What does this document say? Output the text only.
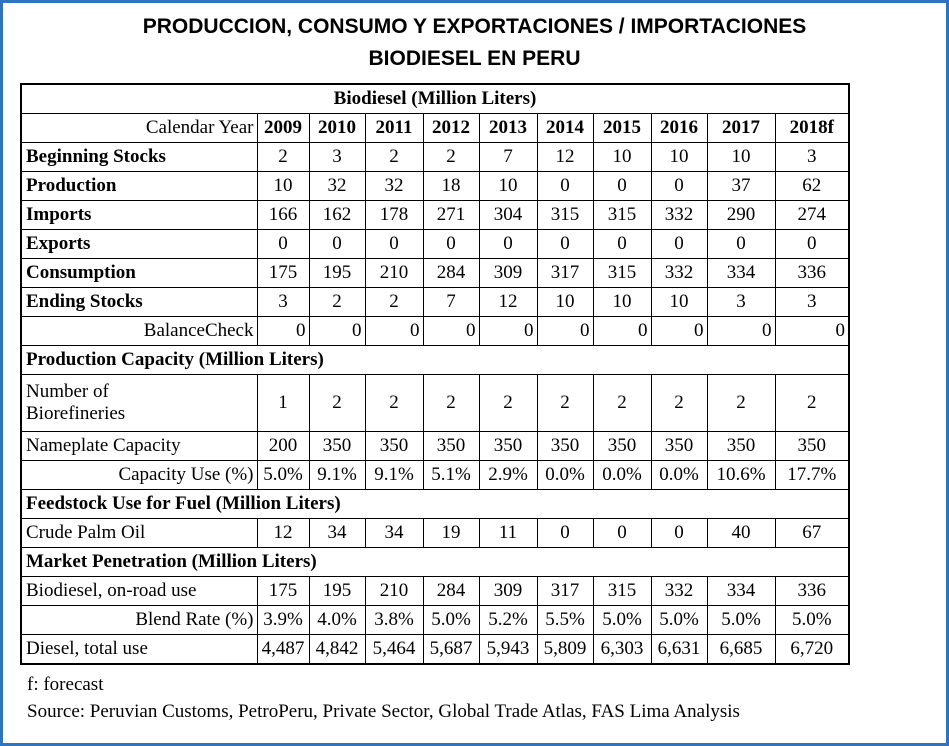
PRODUCCION, CONSUMO Y EXPORTACIONES / IMPORTACIONES
BIODIESEL EN PERU
Biodiesel (Million Liters)										
Calendar Year	2009	2010	2011	2012	2013	2014	2015	2016	2017	2018f
Beginning Stocks	2	3	2	2	7	12	10	10	10	3
Production	10	32	32	18	10	0	0	0	37	62
Imports	166	162	178	271	304	315	315	332	290	274
Exports	0	0	0	0	0	0	0	0	0	0
Consumption	175	195	210	284	309	317	315	332	334	336
Ending Stocks	3	2	2	7	12	10	10	10	3	3
BalanceCheck	0	0	0	0	0	0	0	0	0	0
Production Capacity (Million Liters)										

Number of
Biorefineries	1	2	2	2	2	2	2	2	2	2
Nameplate Capacity	200	350	350	350	350	350	350	350	350	350
Capacity Use (%)	5.0%	9.1%	9.1%	5.1%	2.9%	0.0%	0.0%	0.0%	10.6%	17.7%
Feedstock Use for Fuel (Million Liters)										
Crude Palm Oil	12	34	34	19	11	0	0	0	40	67
Market Penetration (Million Liters)										
Biodiesel, on-road use	175	195	210	284	309	317	315	332	334	336
Blend Rate (%)	3.9%	4.0%	3.8%	5.0%	5.2%	5.5%	5.0%	5.0%	5.0%	5.0%
Diesel, total use	4,487	4,842	5,464	5,687	5,943	5,809	6,303	6,631	6,685	6,720
f: forecast
Source: Peruvian Customs, PetroPeru, Private Sector, Global Trade Atlas, FAS Lima Analysis
